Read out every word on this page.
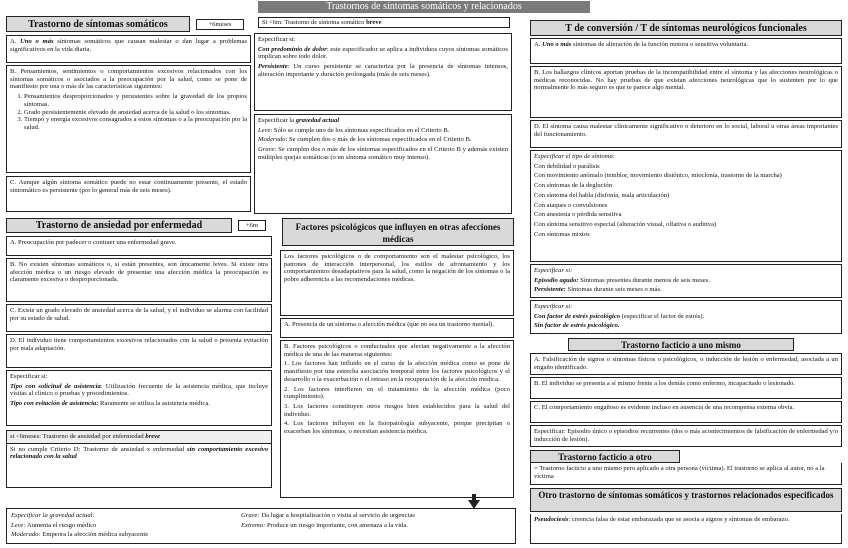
Trastornos de síntomas somáticos y relacionados
Trastorno de síntomas somáticos	+6meses
A. Uno o más síntomas somáticos que causan malestar o dan lugar a problemas significativos en la vida diaria.

B. Pensamientos, sentimientos o comportamientos excesivos relacionados con los síntomas somáticos o asociados a la preocupación por la salud, como se pone de manifiesto por una o más de las características siguientes:

1. Pensamientos desproporcionados y persistentes sobre la gravedad de los propios síntomas.
2. Grado persistentemente elevado de ansiedad acerca de la salud o los síntomas.
3. Tiempo y energía excesivos consagrados a estos síntomas o a la preocupación por la salud.
C. Aunque algún síntoma somático puede no estar continuamente presente, el estado sintomático es persistente (por lo general más de seis meses).
Si <6m: Trastorno de síntoma somático breve

Especificar si:

Con predominio de dolor: este especificador se aplica a individuos cuyos síntomas somáticos implican sobre todo dolor.

Persistente: Un curso persistente se caracteriza por la presencia de síntomas intensos, alteración importante y duración prolongada (más de seis meses).

Especificar la gravedad actual

Leve: Sólo se cumple uno de los síntomas especificados en el Criterio B.

Moderado: Se cumplen dos o más de los síntomas especificados en el Criterio B.

Grave: Se cumplen dos o más de los síntomas especificados en el Criterio B y además existen múltiples quejas somáticas (o un síntoma somático muy intenso).

Trastorno de ansiedad por enfermedad	+6m
A. Preocupación por padecer o contraer una enfermedad grave.
B. No existen síntomas somáticos o, si están presentes, son únicamente leves. Si existe otra afección médica o un riesgo elevado de presentar una afección médica la preocupación es claramente excesiva o desproporcionada.
C. Existe un grado elevado de ansiedad acerca de la salud, y el individuo se alarma con facilidad por su estado de salud.
D. El individuo tiene comportamientos excesivos relacionados con la salud o presenta evitación por mala adaptación.

Especificar si:

Tipo con solicitud de asistencia: Utilización frecuente de la asistencia médica, que incluye visitas al clínico o pruebas y procedimientos.

Tipo con evitación de asistencia: Raramente se utiliza la asistencia médica.

si <6meses: Trastorno de ansiedad por enfermedad breve
Si no cumple Criterio D: Trastorno de ansiedad x enfermedad sin comportamiento excesivo relacionado con la salud

Especificar la gravedad actual:

Leve: Aumenta el riesgo médico

Moderado: Empeora la afección médica subyacente

Grave: Da lugar a hospitalización o visita al servicio de urgencias

Extremo: Produce un riesgo importante, con amenaza a la vida.

Factores psicológicos que influyen en otras afecciones médicas
Los factores psicológicos o de comportamiento son el malestar psicológico, los patrones de interacción interpersonal, los estilos de afrontamiento y los comportamientos desadaptativos para la salud, como la negación de los síntomas o la pobre adherencia a las recomendaciones médicas.
A. Presencia de un síntoma o afección médica (que no sea un trastorno mental).

B. Factores psicológicos o conductuales que afectan negativamente a la afección médica de una de las maneras siguientes:

1. Los factores han influido en el curso de la afección médica como se pone de manifiesto por una estrecha asociación temporal entre los factores psicológicos y el desarrollo o la exacerbación o el retraso en la recuperación de la afección médica.

2. Los factores interfieren en el tratamiento de la afección médica (poco cumplimiento).

3. Los factores constituyen otros riesgos bien establecidos para la salud del individuo.

4. Los factores influyen en la fisiopatología subyacente, porque precipitan o exacerban los síntomas, o necesitan asistencia médica.

T de conversión / T de síntomas neurológicos funcionales
A. Uno o más síntomas de alteración de la función motora o sensitiva voluntaria.
B. Los hallazgos clínicos aportan pruebas de la incompatibilidad entre el síntoma y las afecciones neurológicas o médicas reconocidas. No hay pruebas de que existan afecciones neurológicas que lo sustenten por lo que normalmente lo más seguro es que te parece algo mental.
D. El síntoma causa malestar clínicamente significativo o deterioro en lo social, laboral u otras áreas importantes del funcionamiento.

Especificar el tipo de síntoma:

Con debilidad o parálisis

Con movimiento anómalo (temblor, movimiento distónico, mioclonía, trastorno de la marcha)

Con síntomas de la deglución

Con síntoma del habla (disfonía, mala articulación)

Con ataques o convulsiones

Con anestesia o pérdida sensitiva

Con síntoma sensitivo especial (alteración visual, olfativa o auditiva)

Con síntomas mixtos

Especificar si:

Episodio agudo: Síntomas presentes durante menos de seis meses.

Persistente: Síntomas durante seis meses o más.

Especificar si:

Con factor de estrés psicológico (especificar el factor de estrés).

Sin factor de estrés psicológico.

Trastorno facticio a uno mismo
A. Falsificación de signos o síntomas físicos o psicológicos, o inducción de lesión o enfermedad, asociada a un engaño identificado.
B. El individuo se presenta a sí mismo frente a los demás como enfermo, incapacitado o lesionado.
C. El comportamiento engañoso es evidente incluso en ausencia de una recompensa externa obvia.
Especificar: Episodio único o episodios recurrentes (dos o más acontecimientos de falsificación de enfermedad y/o inducción de lesión).
Trastorno facticio a otro
= Trastorno facticio a uno mismo pero aplicado a otra persona (víctima). El trastorno se aplica al autor, no a la víctima
Otro trastorno de síntomas somáticos y trastornos relacionados especificados
Pseudociesis: creencia falsa de estar embarazada que se asocia a signos y síntomas de embarazo.
